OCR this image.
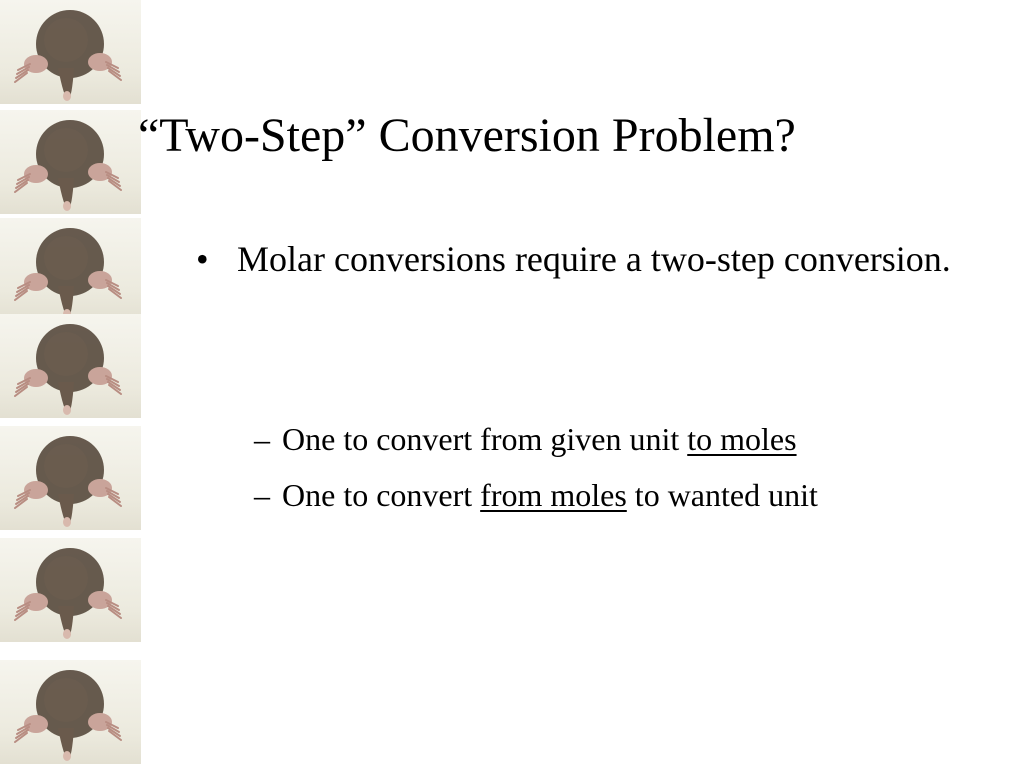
“Two-Step” Conversion Problem?
• Molar conversions require a two-step conversion.
– One to convert from given unit to moles
– One to convert from moles to wanted unit
